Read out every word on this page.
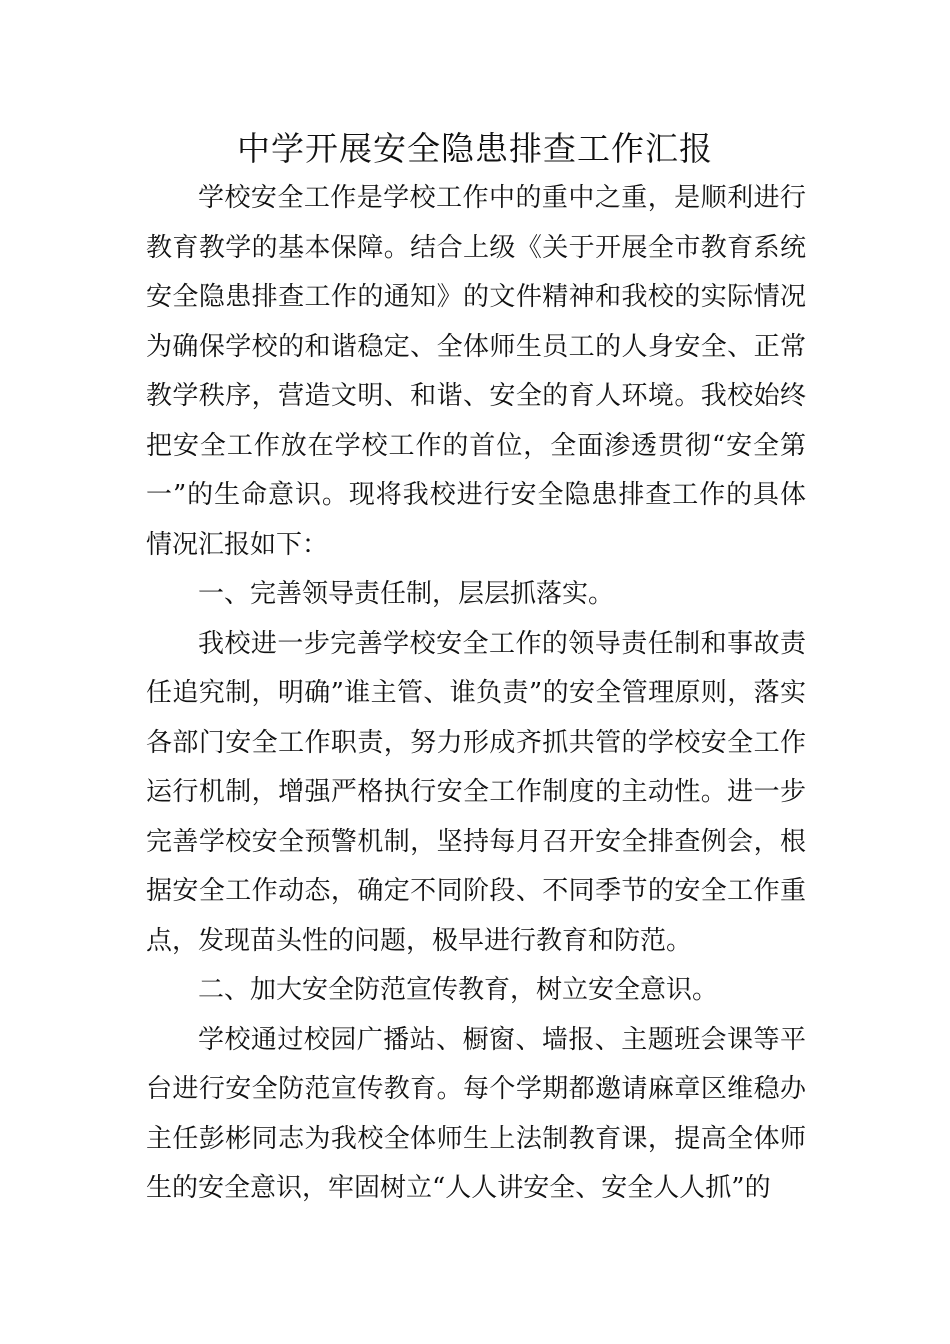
中学开展安全隐患排查工作汇报

学校安全工作是学校工作中的重中之重，是顺利进行教育教学的基本保障。结合上级《关于开展全市教育系统安全隐患排查工作的通知》的文件精神和我校的实际情况为确保学校的和谐稳定、全体师生员工的人身安全、正常教学秩序，营造文明、和谐、安全的育人环境。我校始终把安全工作放在学校工作的首位，全面渗透贯彻“安全第一”的生命意识。现将我校进行安全隐患排查工作的具体情况汇报如下：

一、完善领导责任制，层层抓落实。

我校进一步完善学校安全工作的领导责任制和事故责任追究制，明确”谁主管、谁负责”的安全管理原则，落实各部门安全工作职责，努力形成齐抓共管的学校安全工作运行机制，增强严格执行安全工作制度的主动性。进一步完善学校安全预警机制，坚持每月召开安全排查例会，根据安全工作动态，确定不同阶段、不同季节的安全工作重点，发现苗头性的问题，极早进行教育和防范。

二、加大安全防范宣传教育，树立安全意识。

学校通过校园广播站、橱窗、墙报、主题班会课等平台进行安全防范宣传教育。每个学期都邀请麻章区维稳办主任彭彬同志为我校全体师生上法制教育课，提高全体师生的安全意识，牢固树立“人人讲安全、安全人人抓”的
